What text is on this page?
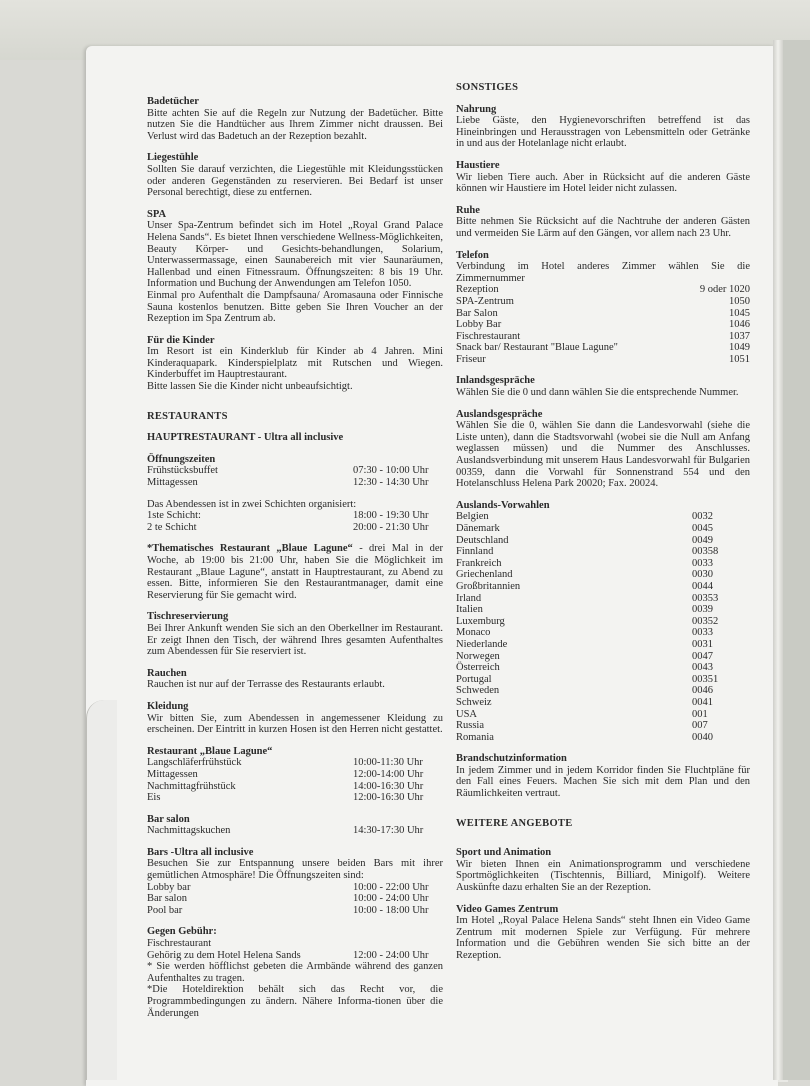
Badetücher

Bitte achten Sie auf die Regeln zur Nutzung der Badetücher. Bitte nutzen Sie die Handtücher aus Ihrem Zimmer nicht draussen. Bei Verlust wird das Badetuch an der Rezeption bezahlt.

Liegestühle

Sollten Sie darauf verzichten, die Liegestühle mit Kleidungsstücken oder anderen Gegenständen zu reservieren. Bei Bedarf ist unser Personal berechtigt, diese zu entfernen.

SPA

Unser Spa-Zentrum befindet sich im Hotel „Royal Grand Palace Helena Sands“. Es bietet Ihnen verschiedene Wellness-Möglichkeiten, Beauty Körper- und Gesichts-behandlungen, Solarium, Unterwassermassage, einen Saunabereich mit vier Saunaräumen, Hallenbad und einen Fitnessraum. Öffnungszeiten: 8 bis 19 Uhr. Information und Buchung der Anwendungen am Telefon 1050.

Einmal pro Aufenthalt die Dampfsauna/ Aromasauna oder Finnische Sauna kostenlos benutzen. Bitte geben Sie Ihren Voucher an der Rezeption im Spa Zentrum ab.

Für die Kinder

Im Resort ist ein Kinderklub für Kinder ab 4 Jahren. Mini Kinderaquapark. Kinderspielplatz mit Rutschen und Wiegen. Kinderbuffet im Hauptrestaurant.

Bitte lassen Sie die Kinder nicht unbeaufsichtigt.

RESTAURANTS

HAUPTRESTAURANT - Ultra all inclusive

Öffnungszeiten

Frühstücksbuffet	07:30 - 10:00 Uhr
Mittagessen	12:30 - 14:30 Uhr

Das Abendessen ist in zwei Schichten organisiert:

1ste Schicht:	18:00 - 19:30 Uhr
2 te Schicht	20:00 - 21:30 Uhr

*Thematisches Restaurant „Blaue Lagune“ - drei Mal in der Woche, ab 19:00 bis 21:00 Uhr, haben Sie die Möglichkeit im Restaurant „Blaue Lagune“, anstatt in Hauptrestaurant, zu Abend zu essen. Bitte, informieren Sie den Restaurantmanager, damit eine Reservierung für Sie gemacht wird.

Tischreservierung

Bei Ihrer Ankunft wenden Sie sich an den Oberkellner im Restaurant. Er zeigt Ihnen den Tisch, der während Ihres gesamten Aufenthaltes zum Abendessen für Sie reserviert ist.

Rauchen

Rauchen ist nur auf der Terrasse des Restaurants erlaubt.

Kleidung

Wir bitten Sie, zum Abendessen in angemessener Kleidung zu erscheinen. Der Eintritt in kurzen Hosen ist den Herren nicht gestattet.

Restaurant „Blaue Lagune“

Langschläferfrühstück	10:00-11:30 Uhr
Mittagessen	12:00-14:00 Uhr
Nachmittagfrühstück	14:00-16:30 Uhr
Eis	12:00-16:30 Uhr

Bar salon

Nachmittagskuchen	14:30-17:30 Uhr

Bars -Ultra all inclusive

Besuchen Sie zur Entspannung unsere beiden Bars mit ihrer gemütlichen Atmosphäre! Die Öffnungszeiten sind:

Lobby bar	10:00 - 22:00 Uhr
Bar salon	10:00 - 24:00 Uhr
Pool bar	10:00 - 18:00 Uhr

Gegen Gebühr:

Fischrestaurant
Gehörig zu dem Hotel Helena Sands	12:00 - 24:00 Uhr

* Sie werden höfflichst gebeten die Armbände während des ganzen Aufenthaltes zu tragen.

*Die Hoteldirektion behält sich das Recht vor, die Programmbedingungen zu ändern. Nähere Informa-tionen über die Änderungen

SONSTIGES

Nahrung

Liebe Gäste, den Hygienevorschriften betreffend ist das Hineinbringen und Herausstragen von Lebensmitteln oder Getränke in und aus der Hotelanlage nicht erlaubt.

Haustiere

Wir lieben Tiere auch. Aber in Rücksicht auf die anderen Gäste können wir Haustiere im Hotel leider nicht zulassen.

Ruhe

Bitte nehmen Sie Rücksicht auf die Nachtruhe der anderen Gästen und vermeiden Sie Lärm auf den Gängen, vor allem nach 23 Uhr.

Telefon

Verbindung im Hotel anderes Zimmer wählen Sie die Zimmernummer

Rezeption	9 oder 1020
SPA-Zentrum	1050
Bar Salon	1045
Lobby Bar	1046
Fischrestaurant	1037
Snack bar/ Restaurant "Blaue Lagune"	1049
Friseur	1051

Inlandsgespräche

Wählen Sie die 0 und dann wählen Sie die entsprechende Nummer.

Auslandsgespräche

Wählen Sie die 0, wählen Sie dann die Landesvorwahl (siehe die Liste unten), dann die Stadtsvorwahl (wobei sie die Null am Anfang weglassen müssen) und die Nummer des Anschlusses. Auslandsverbindung mit unserem Haus Landesvorwahl für Bulgarien 00359, dann die Vorwahl für Sonnenstrand 554 und den Hotelanschluss Helena Park 20020; Fax. 20024.

Auslands-Vorwahlen

Belgien	0032
Dänemark	0045
Deutschland	0049
Finnland	00358
Frankreich	0033
Griechenland	0030
Großbritannien	0044
Irland	00353
Italien	0039
Luxemburg	00352
Monaco	0033
Niederlande	0031
Norwegen	0047
Österreich	0043
Portugal	00351
Schweden	0046
Schweiz	0041
USA	001
Russia	007
Romania	0040

Brandschutzinformation

In jedem Zimmer und in jedem Korridor finden Sie Fluchtpläne für den Fall eines Feuers. Machen Sie sich mit dem Plan und den Räumlichkeiten vertraut.

WEITERE ANGEBOTE

Sport und Animation

Wir bieten Ihnen ein Animationsprogramm und verschiedene Sportmöglichkeiten (Tischtennis, Billiard, Minigolf). Weitere Auskünfte dazu erhalten Sie an der Rezeption.

Video Games Zentrum

Im Hotel „Royal Palace Helena Sands“ steht Ihnen ein Video Game Zentrum mit modernen Spiele zur Verfügung. Für mehrere Information und die Gebühren wenden Sie sich bitte an der Rezeption.
